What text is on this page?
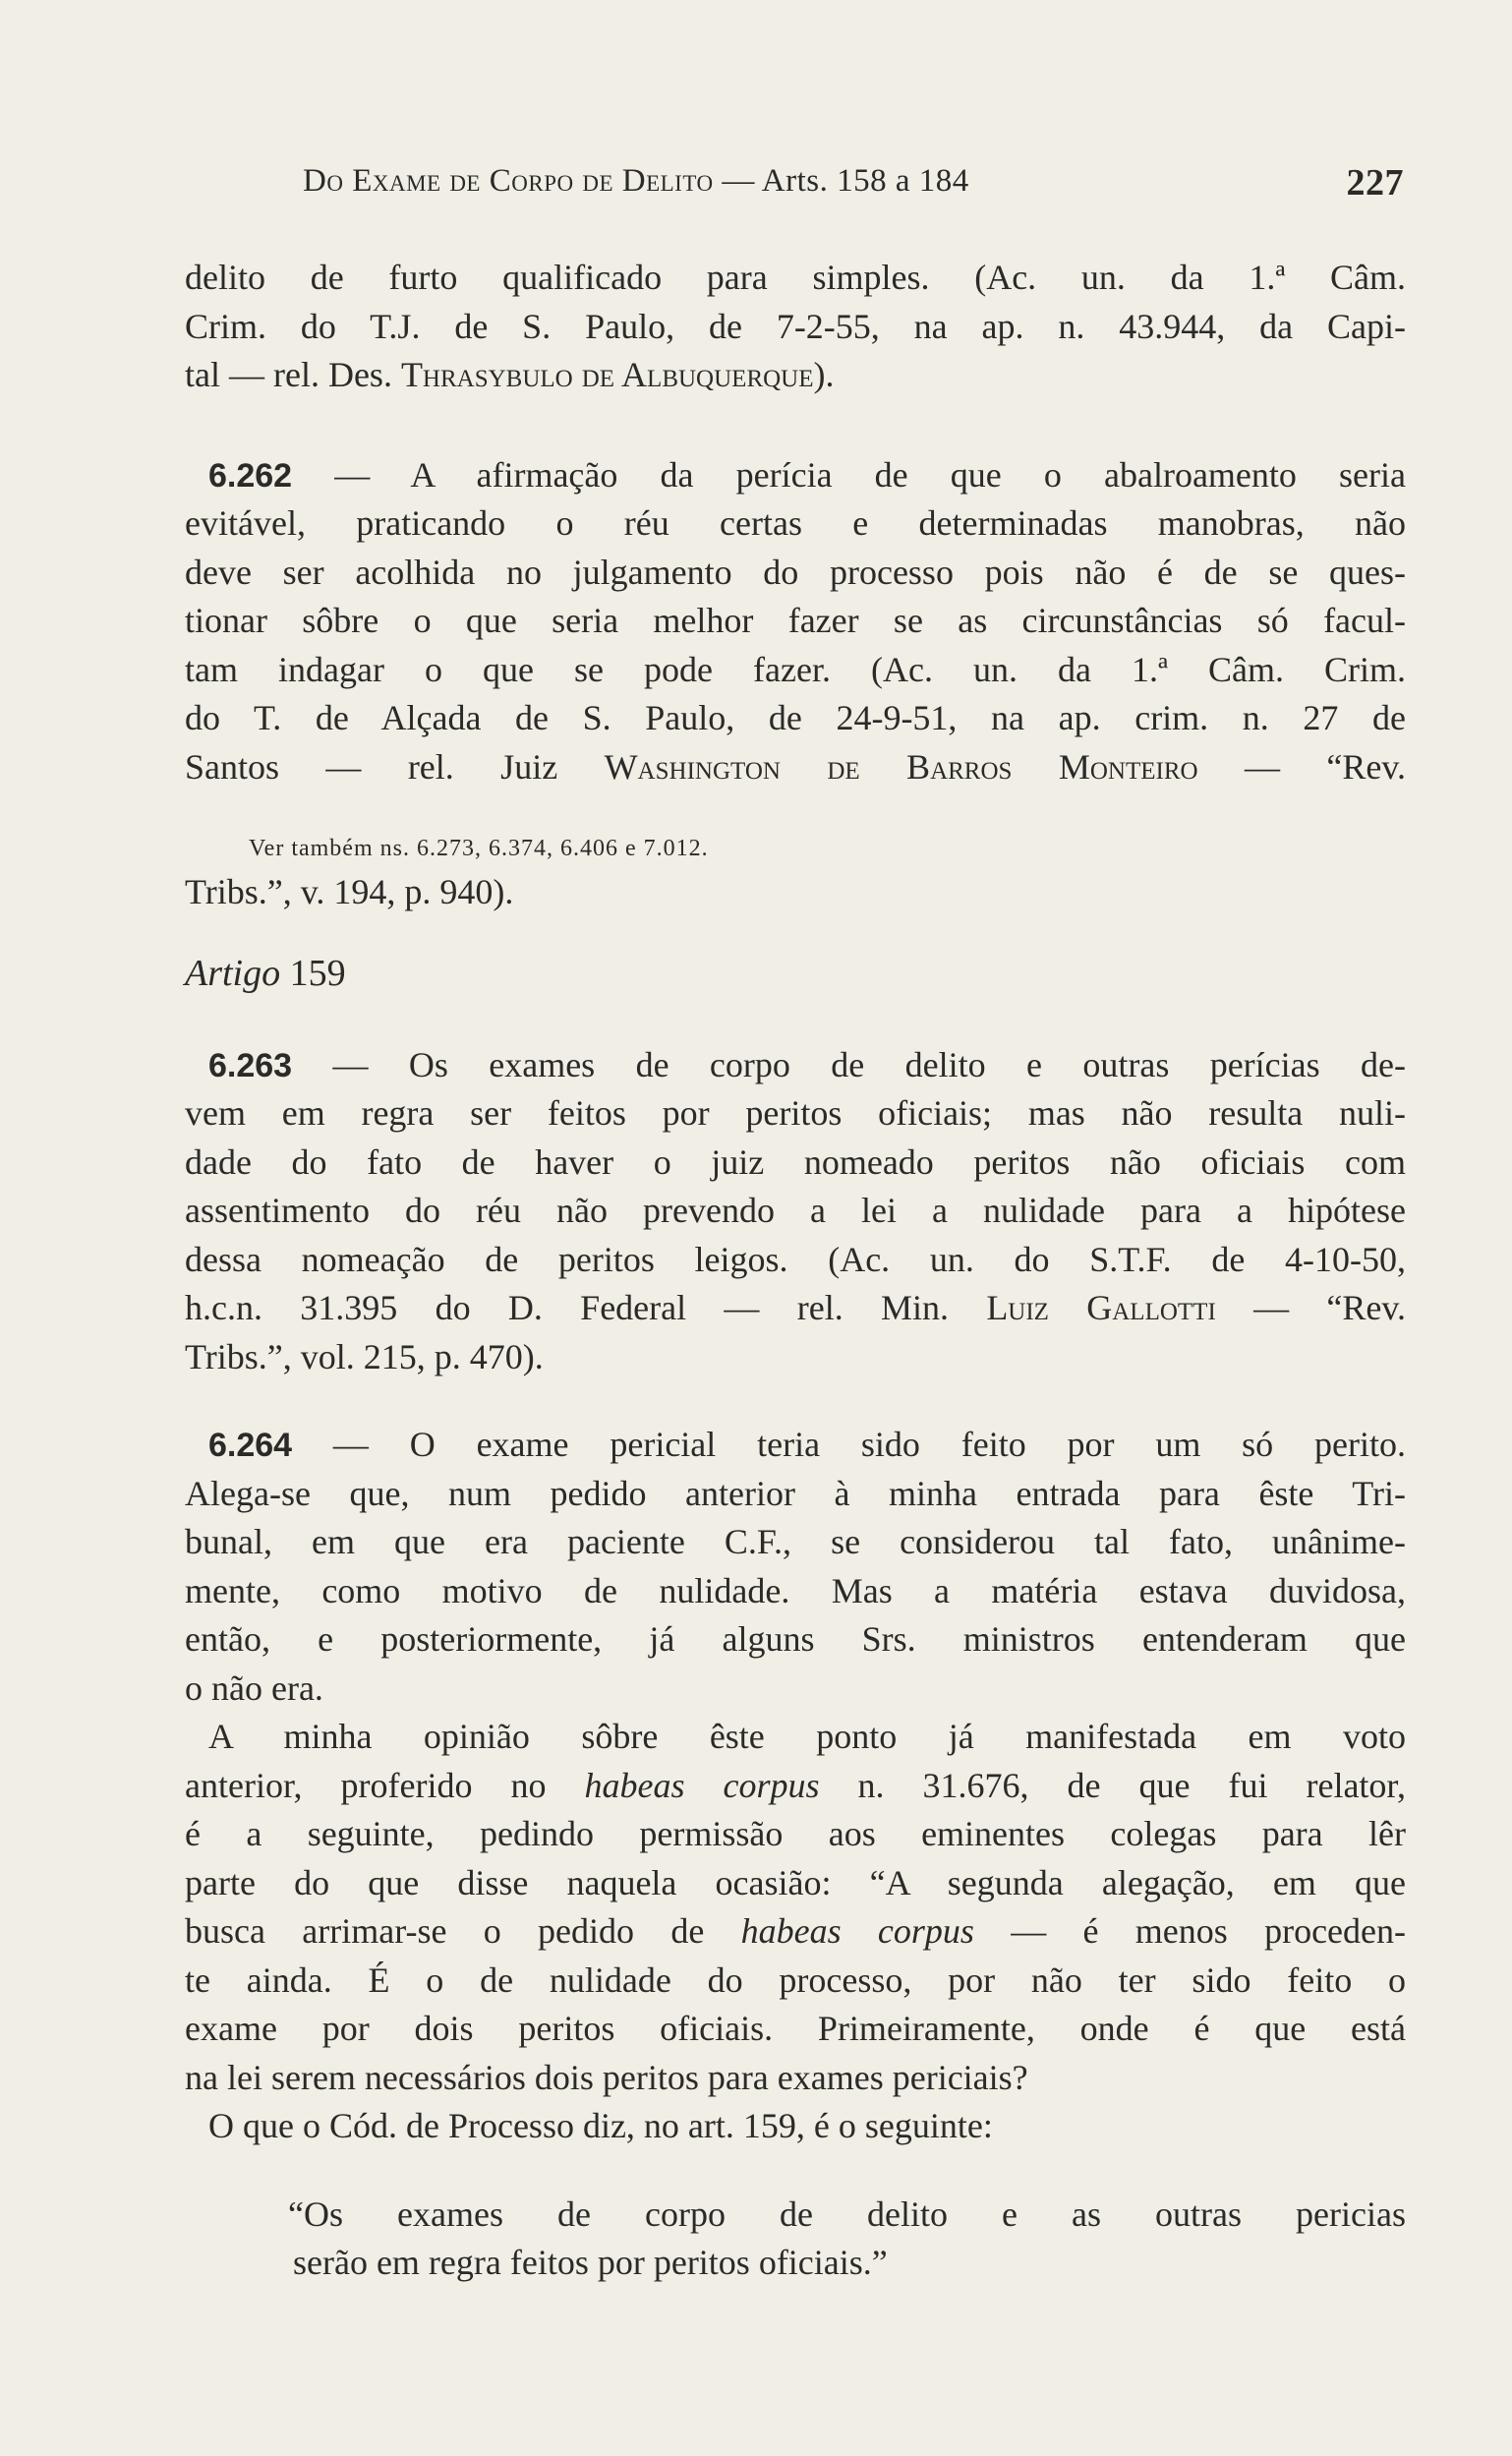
Do Exame de Corpo de Delito — Arts. 158 a 184	227
delito de furto qualificado para simples. (Ac. un. da 1.ª Câm.
Crim. do T.J. de S. Paulo, de 7-2-55, na ap. n. 43.944, da Capi-
tal — rel. Des. Thrasybulo de Albuquerque).
6.262 — A afirmação da perícia de que o abalroamento seria
evitável, praticando o réu certas e determinadas manobras, não
deve ser acolhida no julgamento do processo pois não é de se ques-
tionar sôbre o que seria melhor fazer se as circunstâncias só facul-
tam indagar o que se pode fazer. (Ac. un. da 1.ª Câm. Crim.
do T. de Alçada de S. Paulo, de 24-9-51, na ap. crim. n. 27 de
Santos — rel. Juiz Washington de Barros Monteiro — “Rev.
Ver também ns. 6.273, 6.374, 6.406 e 7.012.
Tribs.”, v. 194, p. 940).
Artigo 159
6.263 — Os exames de corpo de delito e outras perícias de-
vem em regra ser feitos por peritos oficiais; mas não resulta nuli-
dade do fato de haver o juiz nomeado peritos não oficiais com
assentimento do réu não prevendo a lei a nulidade para a hipótese
dessa nomeação de peritos leigos. (Ac. un. do S.T.F. de 4-10-50,
h.c.n. 31.395 do D. Federal — rel. Min. Luiz Gallotti — “Rev.
Tribs.”, vol. 215, p. 470).
6.264 — O exame pericial teria sido feito por um só perito.
Alega-se que, num pedido anterior à minha entrada para êste Tri-
bunal, em que era paciente C.F., se considerou tal fato, unânime-
mente, como motivo de nulidade. Mas a matéria estava duvidosa,
então, e posteriormente, já alguns Srs. ministros entenderam que
o não era.
A minha opinião sôbre êste ponto já manifestada em voto
anterior, proferido no habeas corpus n. 31.676, de que fui relator,
é a seguinte, pedindo permissão aos eminentes colegas para lêr
parte do que disse naquela ocasião: “A segunda alegação, em que
busca arrimar-se o pedido de habeas corpus — é menos proceden-
te ainda. É o de nulidade do processo, por não ter sido feito o
exame por dois peritos oficiais. Primeiramente, onde é que está
na lei serem necessários dois peritos para exames periciais?
O que o Cód. de Processo diz, no art. 159, é o seguinte:
“Os exames de corpo de delito e as outras pericias
serão em regra feitos por peritos oficiais.”
